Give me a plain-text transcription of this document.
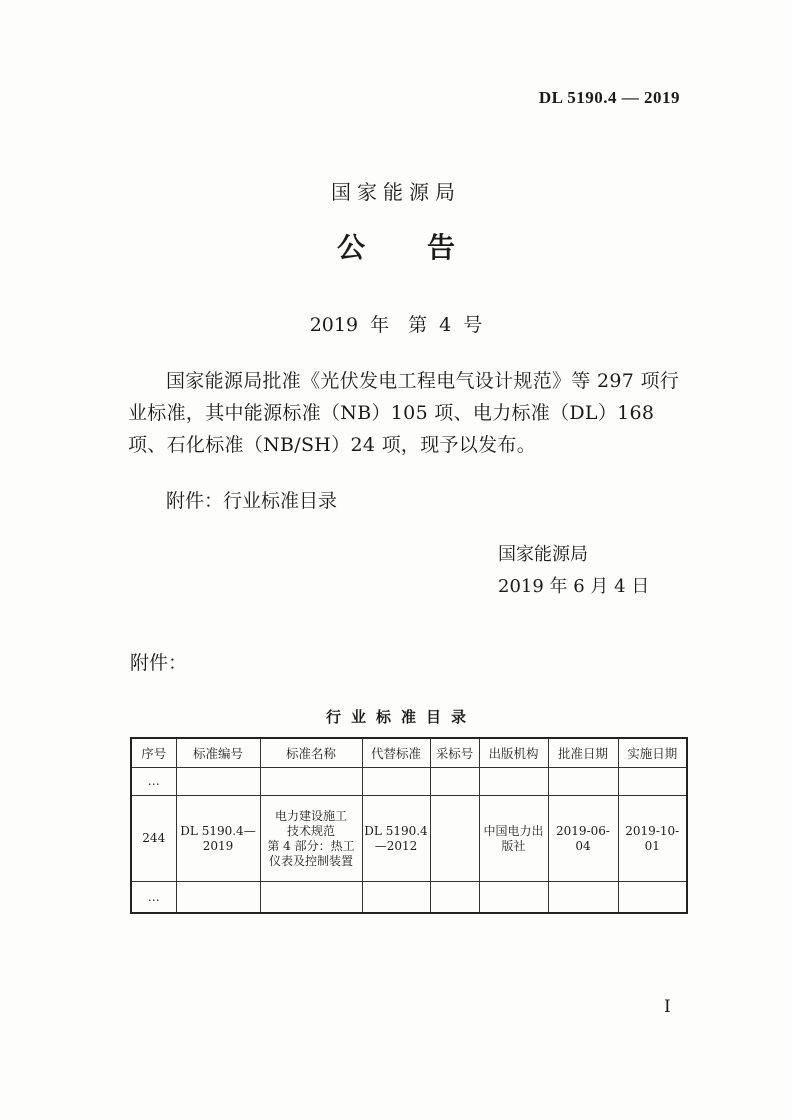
DL 5190.4 — 2019
国家能源局
公告
2019 年　第 4 号
国家能源局批准《光伏发电工程电气设计规范》等 297 项行业标准，其中能源标准（NB）105 项、电力标准（DL）168 项、石化标准（NB/SH）24 项，现予以发布。
附件：行业标准目录
国家能源局
2019 年 6 月 4 日
附件：
行业标准目录
序号	标准编号	标准名称	代替标准	采标号	出版机构	批准日期	实施日期
…							
244	DL 5190.4—2019	电力建设施工
技术规范
第 4 部分：热工
仪表及控制装置	DL 5190.4—2012		中国电力出版社	2019-06-04	2019-10-01
…							
I
